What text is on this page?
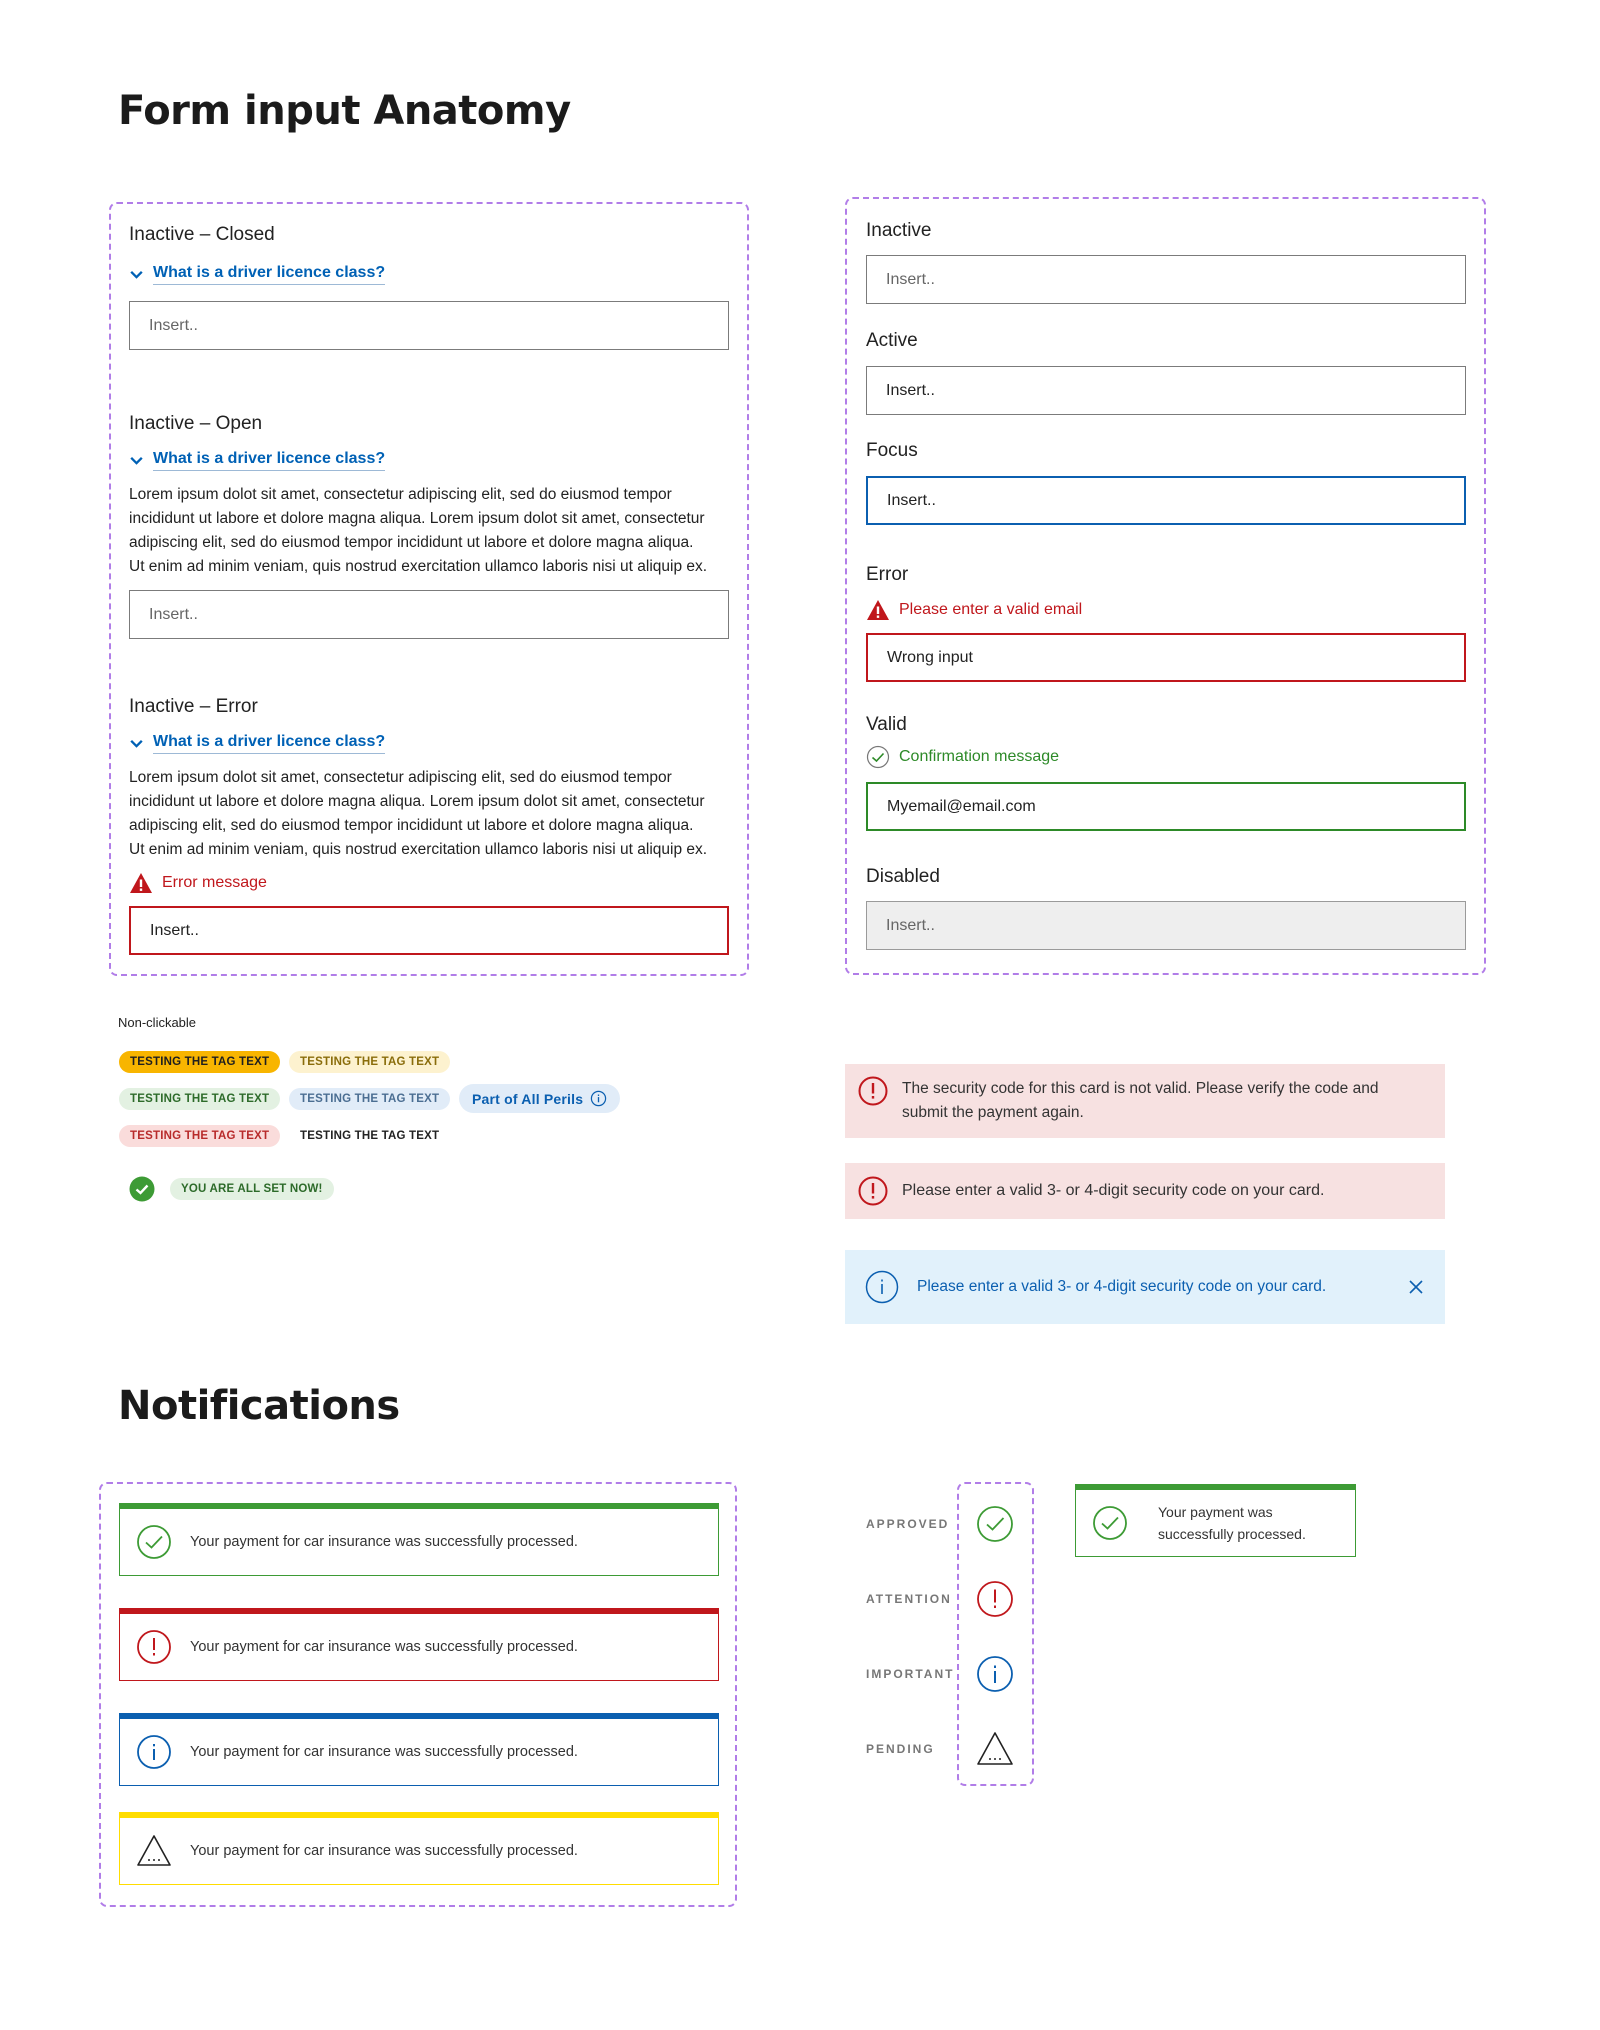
Form input Anatomy
Inactive – Closed
What is a driver licence class?
Insert..
Inactive – Open
What is a driver licence class?
Lorem ipsum dolot sit amet, consectetur adipiscing elit, sed do eiusmod tempor
incididunt ut labore et dolore magna aliqua. Lorem ipsum dolot sit amet, consectetur
adipiscing elit, sed do eiusmod tempor incididunt ut labore et dolore magna aliqua.
Ut enim ad minim veniam, quis nostrud exercitation ullamco laboris nisi ut aliquip ex.
Insert..
Inactive – Error
What is a driver licence class?
Lorem ipsum dolot sit amet, consectetur adipiscing elit, sed do eiusmod tempor
incididunt ut labore et dolore magna aliqua. Lorem ipsum dolot sit amet, consectetur
adipiscing elit, sed do eiusmod tempor incididunt ut labore et dolore magna aliqua.
Ut enim ad minim veniam, quis nostrud exercitation ullamco laboris nisi ut aliquip ex.
Error message
Insert..
Inactive
Insert..
Active
Insert..
Focus
Insert..
Error
Please enter a valid email
Wrong input
Valid
Confirmation message
Myemail@email.com
Disabled
Insert..
Non-clickable
TESTING THE TAG TEXT	TESTING THE TAG TEXT
TESTING THE TAG TEXT	TESTING THE TAG TEXT Part of All Perils
TESTING THE TAG TEXT	TESTING THE TAG TEXT
YOU ARE ALL SET NOW!
The security code for this card is not valid. Please verify the code and
submit the payment again.
Please enter a valid 3- or 4-digit security code on your card.
Please enter a valid 3- or 4-digit security code on your card.
Notifications
Your payment for car insurance was successfully processed.
Your payment for car insurance was successfully processed.
Your payment for car insurance was successfully processed.
Your payment for car insurance was successfully processed.
APPROVED
ATTENTION
IMPORTANT
PENDING
Your payment was
successfully processed.
